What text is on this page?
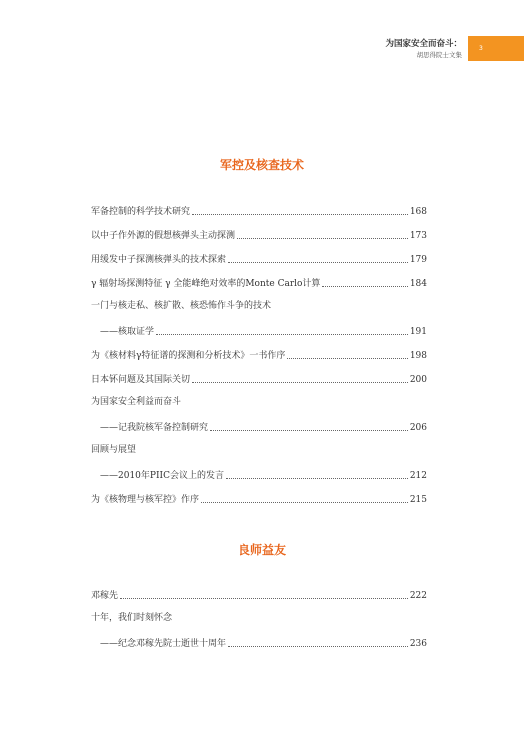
为国家安全而奋斗：
胡思得院士文集
3
军控及核查技术
军备控制的科学技术研究	168
以中子作外源的假想核弹头主动探测	173
用缓发中子探测核弹头的技术探索	179
γ 辐射场探测特征 γ 全能峰绝对效率的Monte Carlo计算	184
一门与核走私、核扩散、核恐怖作斗争的技术
——核取证学	191
为《核材料γ特征谱的探测和分析技术》一书作序	198
日本钚问题及其国际关切	200
为国家安全利益而奋斗
——记我院核军备控制研究	206
回顾与展望
——2010年PIIC会议上的发言	212
为《核物理与核军控》作序	215
良师益友
邓稼先	222
十年，我们时刻怀念
——纪念邓稼先院士逝世十周年	236
